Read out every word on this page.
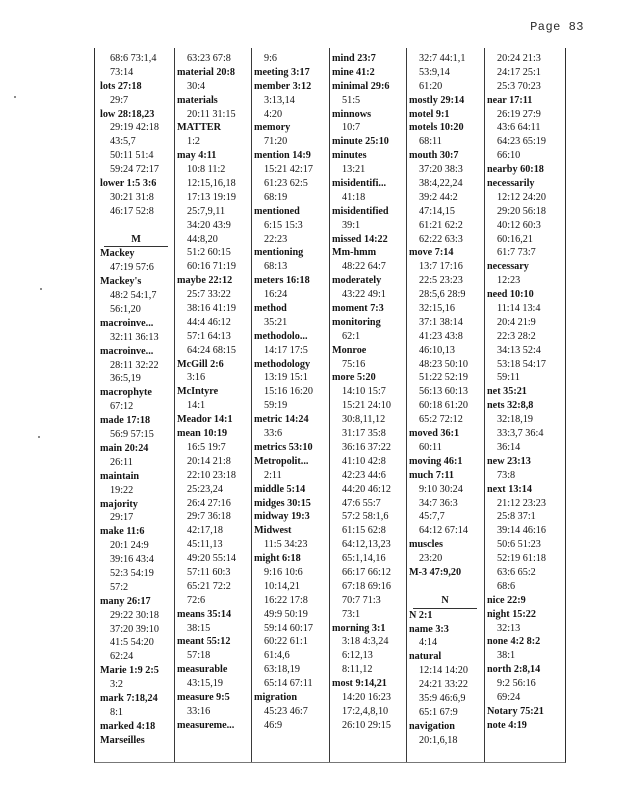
Page 83
68:6 73:1,4
73:14
lots 27:18
29:7
low 28:18,23
29:19 42:18
43:5,7
50:11 51:4
59:24 72:17
lower 1:5 3:6
30:21 31:8
46:17 52:8
M
Mackey
47:19 57:6
Mackey's
48:2 54:1,7
56:1,20
macroinve...
32:11 36:13
macroinve...
28:11 32:22
36:5,19
macrophyte
67:12
made 17:18
56:9 57:15
main 20:24
26:11
maintain
19:22
majority
29:17
make 11:6
20:1 24:9
39:16 43:4
52:3 54:19
57:2
many 26:17
29:22 30:18
37:20 39:10
41:5 54:20
62:24
Marie 1:9 2:5
3:2
mark 7:18,24
8:1
marked 4:18
Marseilles
63:23 67:8
material 20:8
30:4
materials
20:11 31:15
MATTER
1:2
may 4:11
10:8 11:2
12:15,16,18
17:13 19:19
25:7,9,11
34:20 43:9
44:8,20
51:2 60:15
60:16 71:19
maybe 22:12
25:7 33:22
38:16 41:19
44:4 46:12
57:1 64:13
64:24 68:15
McGill 2:6
3:16
McIntyre
14:1
Meador 14:1
mean 10:19
16:5 19:7
20:14 21:8
22:10 23:18
25:23,24
26:4 27:16
29:7 36:18
42:17,18
45:11,13
49:20 55:14
57:11 60:3
65:21 72:2
72:6
means 35:14
38:15
meant 55:12
57:18
measurable
43:15,19
measure 9:5
33:16
measureme...
9:6
meeting 3:17
member 3:12
3:13,14
4:20
memory
71:20
mention 14:9
15:21 42:17
61:23 62:5
68:19
mentioned
6:15 15:3
22:23
mentioning
68:13
meters 16:18
16:24
method
35:21
methodolo...
14:17 17:5
methodology
13:19 15:1
15:16 16:20
59:19
metric 14:24
33:6
metrics 53:10
Metropolit...
2:11
middle 5:14
midges 30:15
midway 19:3
Midwest
11:5 34:23
might 6:18
9:16 10:6
10:14,21
16:22 17:8
49:9 50:19
59:14 60:17
60:22 61:1
61:4,6
63:18,19
65:14 67:11
migration
45:23 46:7
46:9
mind 23:7
mine 41:2
minimal 29:6
51:5
minnows
10:7
minute 25:10
minutes
13:21
misidentifi...
41:18
misidentified
39:1
missed 14:22
Mm-hmm
48:22 64:7
moderately
43:22 49:1
moment 7:3
monitoring
62:1
Monroe
75:16
more 5:20
14:10 15:7
15:21 24:10
30:8,11,12
31:17 35:8
36:16 37:22
41:10 42:8
42:23 44:6
44:20 46:12
47:6 55:7
57:2 58:1,6
61:15 62:8
64:12,13,23
65:1,14,16
66:17 66:12
67:18 69:16
70:7 71:3
73:1
morning 3:1
3:18 4:3,24
6:12,13
8:11,12
most 9:14,21
14:20 16:23
17:2,4,8,10
26:10 29:15
32:7 44:1,1
53:9,14
61:20
mostly 29:14
motel 9:1
motels 10:20
68:11
mouth 30:7
37:20 38:3
38:4,22,24
39:2 44:2
47:14,15
61:21 62:2
62:22 63:3
move 7:14
13:7 17:16
22:5 23:23
28:5,6 28:9
32:15,16
37:1 38:14
41:23 43:8
46:10,13
48:23 50:10
51:22 52:19
56:13 60:13
60:18 61:20
65:2 72:12
moved 36:1
60:11
moving 46:1
much 7:11
9:10 30:24
34:7 36:3
45:7,7
64:12 67:14
muscles
23:20
M-3 47:9,20
N
N 2:1
name 3:3
4:14
natural
12:14 14:20
24:21 33:22
35:9 46:6,9
65:1 67:9
navigation
20:1,6,18
20:24 21:3
24:17 25:1
25:3 70:23
near 17:11
26:19 27:9
43:6 64:11
64:23 65:19
66:10
nearby 60:18
necessarily
12:12 24:20
29:20 56:18
40:12 60:3
60:16,21
61:7 73:7
necessary
12:23
need 10:10
11:14 13:4
20:4 21:9
22:3 28:2
34:13 52:4
53:18 54:17
59:11
net 35:21
nets 32:8,8
32:18,19
33:3,7 36:4
36:14
new 23:13
73:8
next 13:14
21:12 23:23
25:8 37:1
39:14 46:16
50:6 51:23
52:19 61:18
63:6 65:2
68:6
nice 22:9
night 15:22
32:13
none 4:2 8:2
38:1
north 2:8,14
9:2 56:16
69:24
Notary 75:21
note 4:19
